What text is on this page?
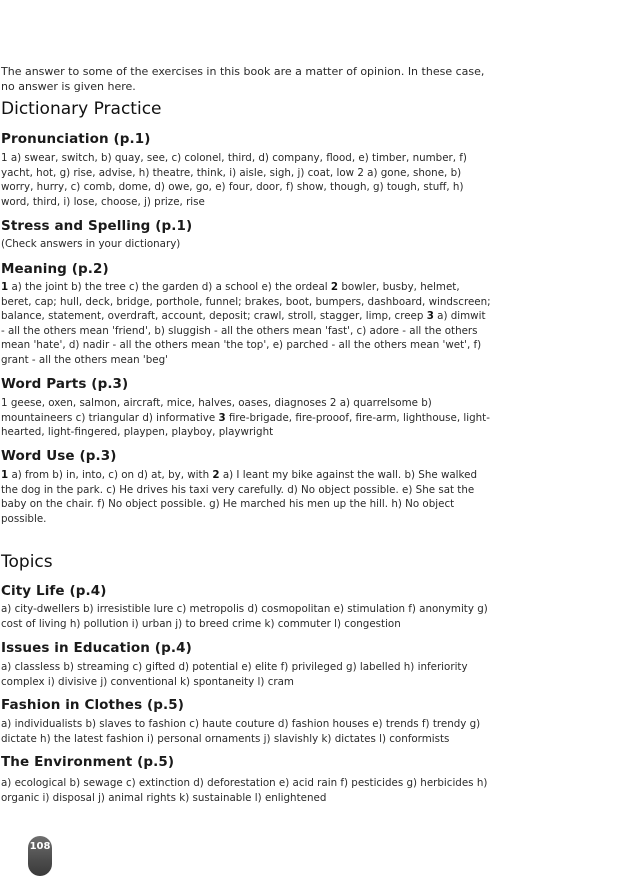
The answer to some of the exercises in this book are a matter of opinion. In these case, no answer is given here.

Dictionary Practice
Pronunciation (p.1)

1 a) swear, switch, b) quay, see, c) colonel, third, d) company, flood, e) timber, number, f) yacht, hot, g) rise, advise, h) theatre, think, i) aisle, sigh, j) coat, low 2 a) gone, shone, b) worry, hurry, c) comb, dome, d) owe, go, e) four, door, f) show, though, g) tough, stuff, h) word, third, i) lose, choose, j) prize, rise

Stress and Spelling (p.1)

(Check answers in your dictionary)

Meaning (p.2)

1 a) the joint b) the tree c) the garden d) a school e) the ordeal 2 bowler, busby, helmet, beret, cap; hull, deck, bridge, porthole, funnel; brakes, boot, bumpers, dashboard, windscreen; balance, statement, overdraft, account, deposit; crawl, stroll, stagger, limp, creep 3 a) dimwit - all the others mean 'friend', b) sluggish - all the others mean 'fast', c) adore - all the others mean 'hate', d) nadir - all the others mean 'the top', e) parched - all the others mean 'wet', f) grant - all the others mean 'beg'

Word Parts (p.3)

1 geese, oxen, salmon, aircraft, mice, halves, oases, diagnoses 2 a) quarrelsome b) mountaineers c) triangular d) informative 3 fire-brigade, fire-prooof, fire-arm, lighthouse, light-hearted, light-fingered, playpen, playboy, playwright

Word Use (p.3)

1 a) from b) in, into, c) on d) at, by, with 2 a) I leant my bike against the wall. b) She walked the dog in the park. c) He drives his taxi very carefully. d) No object possible. e) She sat the baby on the chair. f) No object possible. g) He marched his men up the hill. h) No object possible.

Topics
City Life (p.4)

a) city-dwellers b) irresistible lure c) metropolis d) cosmopolitan e) stimulation f) anonymity g) cost of living h) pollution i) urban j) to breed crime k) commuter l) congestion

Issues in Education (p.4)

a) classless b) streaming c) gifted d) potential e) elite f) privileged g) labelled h) inferiority complex i) divisive j) conventional k) spontaneity l) cram

Fashion in Clothes (p.5)

a) individualists b) slaves to fashion c) haute couture d) fashion houses e) trends f) trendy g) dictate h) the latest fashion i) personal ornaments j) slavishly k) dictates l) conformists

The Environment (p.5)

a) ecological b) sewage c) extinction d) deforestation e) acid rain f) pesticides g) herbicides h) organic i) disposal j) animal rights k) sustainable l) enlightened

108
